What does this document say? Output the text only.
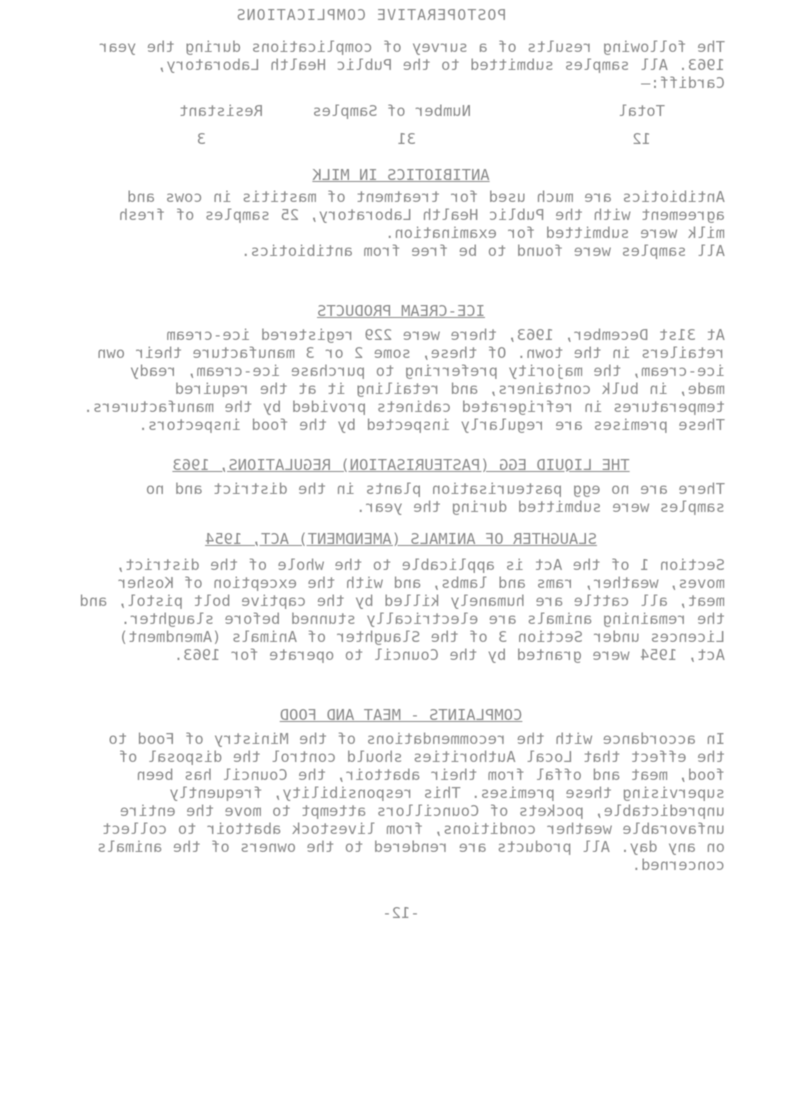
POSTOPERATIVE COMPLICATIONS

The following results of a survey of complications during the year 1963. All samples submitted to the Public Health Laboratory, Cardiff:—

Total
Number of Samples
Resistant
12
31
3
ANTIBIOTICS IN MILK

Antibiotics are much used for treatment of mastitis in cows and agreement with the Public Health Laboratory, 25 samples of fresh milk were submitted for examination.
All samples were found to be free from antibiotics.

ICE-CREAM PRODUCTS

At 31st December, 1963, there were 229 registered ice-cream retailers in the town. Of these, some 2 or 3 manufacture their own ice-cream, the majority preferring to purchase ice-cream, ready made, in bulk containers, and retailing it at the required temperatures in refrigerated cabinets provided by the manufacturers.
These premises are regularly inspected by the food inspectors.

THE LIQUID EGG (PASTEURISATION) REGULATIONS, 1963

There are no egg pasteurisation plants in the district and no samples were submitted during the year.

SLAUGHTER OF ANIMALS (AMENDMENT) ACT, 1954

Section 1 of the Act is applicable to the whole of the district, moves, weather, rams and lambs, and with the exception of Kosher meat, all cattle are humanely killed by the captive bolt pistol, and the remaining animals are electrically stunned before slaughter.
Licences under Section 3 of the Slaughter of Animals (Amendment) Act, 1954 were granted by the Council to operate for 1963.

COMPLAINTS - MEAT AND FOOD

In accordance with the recommendations of the Ministry of Food to the effect that Local Authorities should control the disposal of food, meat and offal from their abattoir, the Council has been supervising these premises. This responsibility, frequently unpredictable, pockets of Councillors attempt to move the entire unfavorable weather conditions, from livestock abattoir to collect on any day. All products are rendered to the owners of the animals concerned.

-12-
